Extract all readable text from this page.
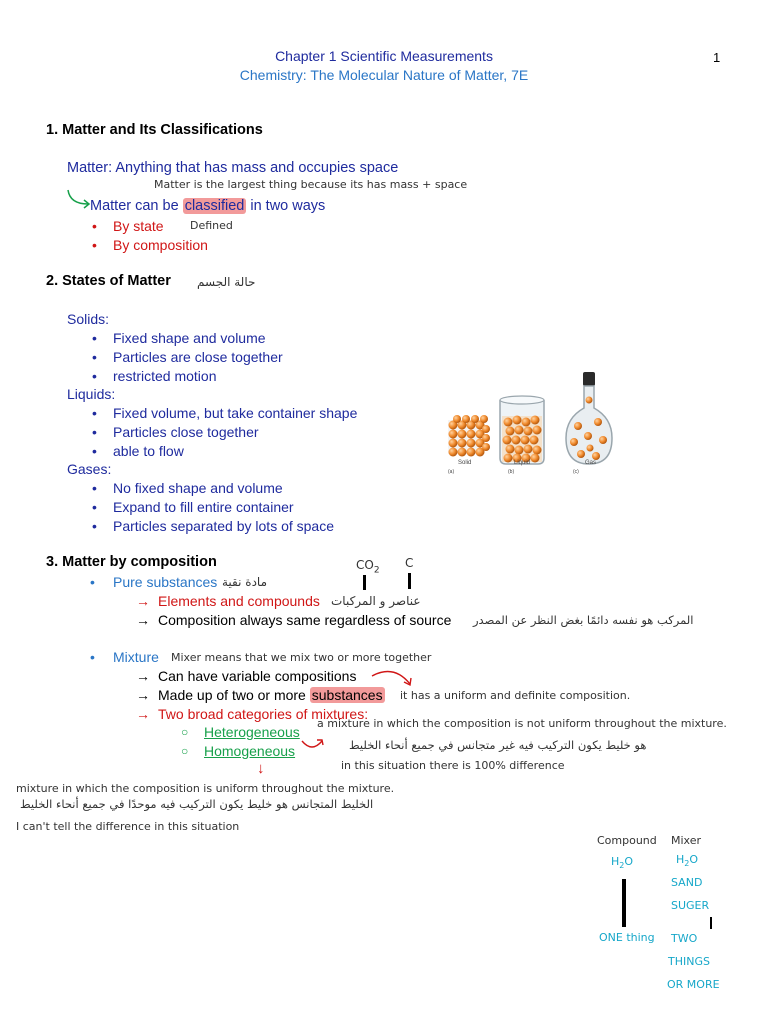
Chapter 1 Scientific Measurements
Chemistry: The Molecular Nature of Matter, 7E
1
1. Matter and Its Classifications
Matter: Anything that has mass and occupies space
Matter is the largest thing because its has mass + space
Matter can be classified in two ways
• By state Defined
• By composition
2. States of Matter حالة الجسم
Solids:
• Fixed shape and volume
• Particles are close together
• restricted motion
Liquids:
• Fixed volume, but take container shape
• Particles close together
• able to flow
Gases:
• No fixed shape and volume
• Expand to fill entire container
• Particles separated by lots of space
Solid	Liquid	Gas
(a)	(b)	(c)
3. Matter by composition	$CO_2$
C
• Pure substances مادة نقية
→ Elements and compounds عناصر و المركبات
→ Composition always same regardless of source المركب هو نفسه دائمًا بغض النظر عن المصدر
• Mixture Mixer means that we mix two or more together
→ Can have variable compositions
→ Made up of two or more substances it has a uniform and definite composition.
→ Two broad categories of mixtures:
a mixture in which the composition is not uniform throughout the mixture.
○ Heterogeneous
هو خليط يكون التركيب فيه غير متجانس في جميع أنحاء الخليط
○ Homogeneous
↓	in this situation there is 100% difference
mixture in which the composition is uniform throughout the mixture.
الخليط المتجانس هو خليط يكون التركيب فيه موحدًا في جميع أنحاء الخليط
I can't tell the difference in this situation
Compound Mixer
$H_2O$	$H_2O$
SAND
SUGER
ONE thing TWO
THINGS
OR MORE
